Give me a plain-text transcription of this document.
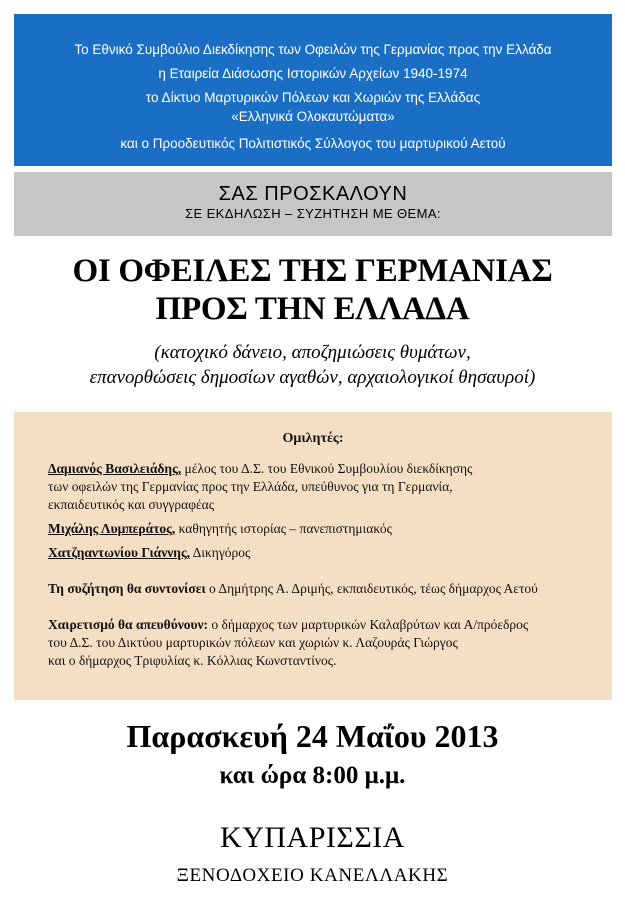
Το Εθνικό Συμβούλιο Διεκδίκησης των Οφειλών της Γερμανίας προς την Ελλάδα

η Εταιρεία Διάσωσης Ιστορικών Αρχείων 1940-1974

το Δίκτυο Μαρτυρικών Πόλεων και Χωριών της Ελλάδας

«Ελληνικά Ολοκαυτώματα»

και ο Προοδευτικός Πολιτιστικός Σύλλογος του μαρτυρικού Αετού

ΣΑΣ ΠΡΟΣΚΑΛΟΥΝ
ΣΕ ΕΚΔΗΛΩΣΗ – ΣΥΖΗΤΗΣΗ ΜΕ ΘΕΜΑ:
ΟΙ ΟΦΕΙΛΕΣ ΤΗΣ ΓΕΡΜΑΝΙΑΣ
ΠΡΟΣ ΤΗΝ ΕΛΛΑΔΑ
(κατοχικό δάνειο, αποζημιώσεις θυμάτων,
επανορθώσεις δημοσίων αγαθών, αρχαιολογικοί θησαυροί)

Ομιλητές:

Δαμιανός Βασιλειάδης, μέλος του Δ.Σ. του Εθνικού Συμβουλίου διεκδίκησης

των οφειλών της Γερμανίας προς την Ελλάδα, υπεύθυνος για τη Γερμανία,

εκπαιδευτικός και συγγραφέας

Μιχάλης Λυμπεράτος, καθηγητής ιστορίας – πανεπιστημιακός

Χατζηαντωνίου Γιάννης, Δικηγόρος

Τη συζήτηση θα συντονίσει ο Δημήτρης Α. Δριμής, εκπαιδευτικός, τέως δήμαρχος Αετού

Χαιρετισμό θα απευθύνουν: ο δήμαρχος των μαρτυρικών Καλαβρύτων και Α/πρόεδρος

του Δ.Σ. του Δικτύου μαρτυρικών πόλεων και χωριών κ. Λαζουράς Γιώργος

και ο δήμαρχος Τριφυλίας κ. Κόλλιας Κωνσταντίνος.

Παρασκευή 24 Μαΐου 2013
και ώρα 8:00 μ.μ.
ΚΥΠΑΡΙΣΣΙΑ
ΞΕΝΟΔΟΧΕΙΟ ΚΑΝΕΛΛΑΚΗΣ
